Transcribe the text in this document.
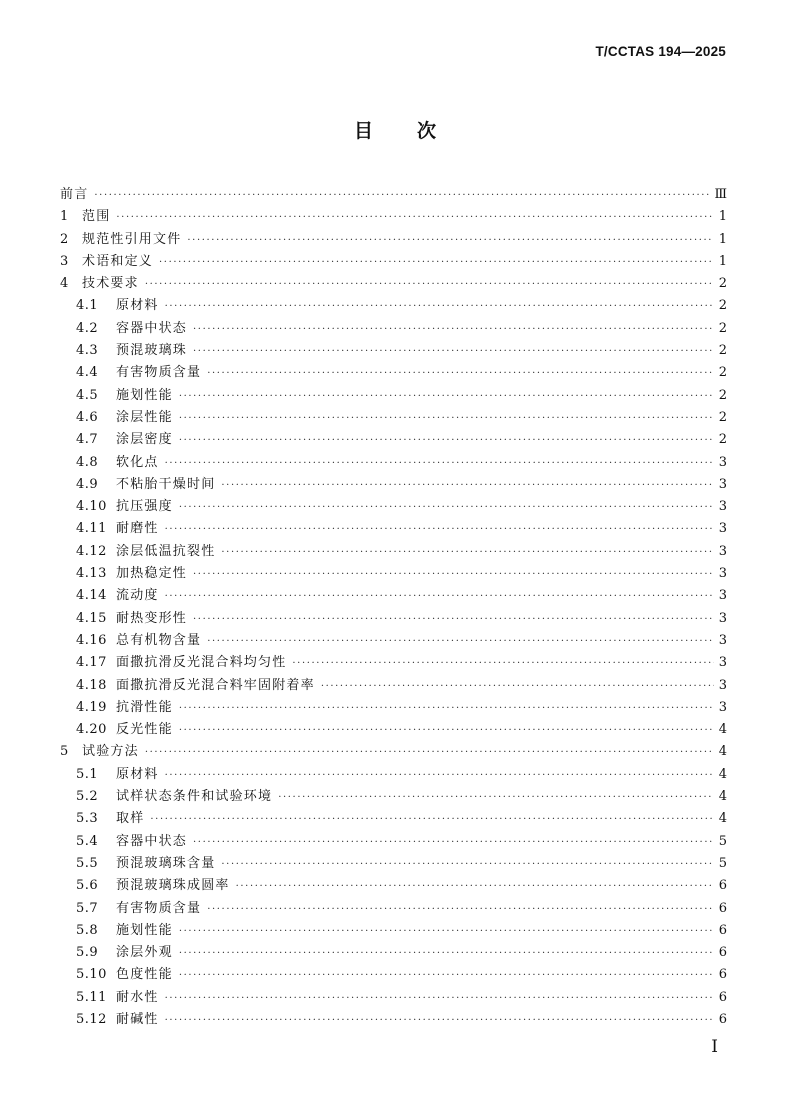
T/CCTAS 194—2025
目 次
前言 ·····	Ⅲ
1	范围 ·····	1
2	规范性引用文件 ·····	1
3	术语和定义 ·····	1
4	技术要求 ·····	2
4.1	原材料 ·····	2
4.2	容器中状态 ·····	2
4.3	预混玻璃珠 ·····	2
4.4	有害物质含量 ·····	2
4.5	施划性能 ·····	2
4.6	涂层性能 ·····	2
4.7	涂层密度 ·····	2
4.8	软化点 ·····	3
4.9	不粘胎干燥时间 ·····	3
4.10 抗压强度 ·····	3
4.11 耐磨性 ·····	3
4.12 涂层低温抗裂性 ·····	3
4.13 加热稳定性 ·····	3
4.14 流动度 ·····	3
4.15 耐热变形性 ·····	3
4.16 总有机物含量 ·····	3
4.17 面撒抗滑反光混合料均匀性 ·····	3
4.18 面撒抗滑反光混合料牢固附着率 ·····	3
4.19 抗滑性能 ·····	3
4.20 反光性能 ·····	4
5	试验方法 ·····	4
5.1	原材料 ·····	4
5.2	试样状态条件和试验环境 ·····	4
5.3	取样 ·····	4
5.4	容器中状态 ·····	5
5.5	预混玻璃珠含量 ·····	5
5.6	预混玻璃珠成圆率 ·····	6
5.7	有害物质含量 ·····	6
5.8	施划性能 ·····	6
5.9	涂层外观 ·····	6
5.10 色度性能 ·····	6
5.11 耐水性 ·····	6
5.12 耐碱性 ·····	6
I
